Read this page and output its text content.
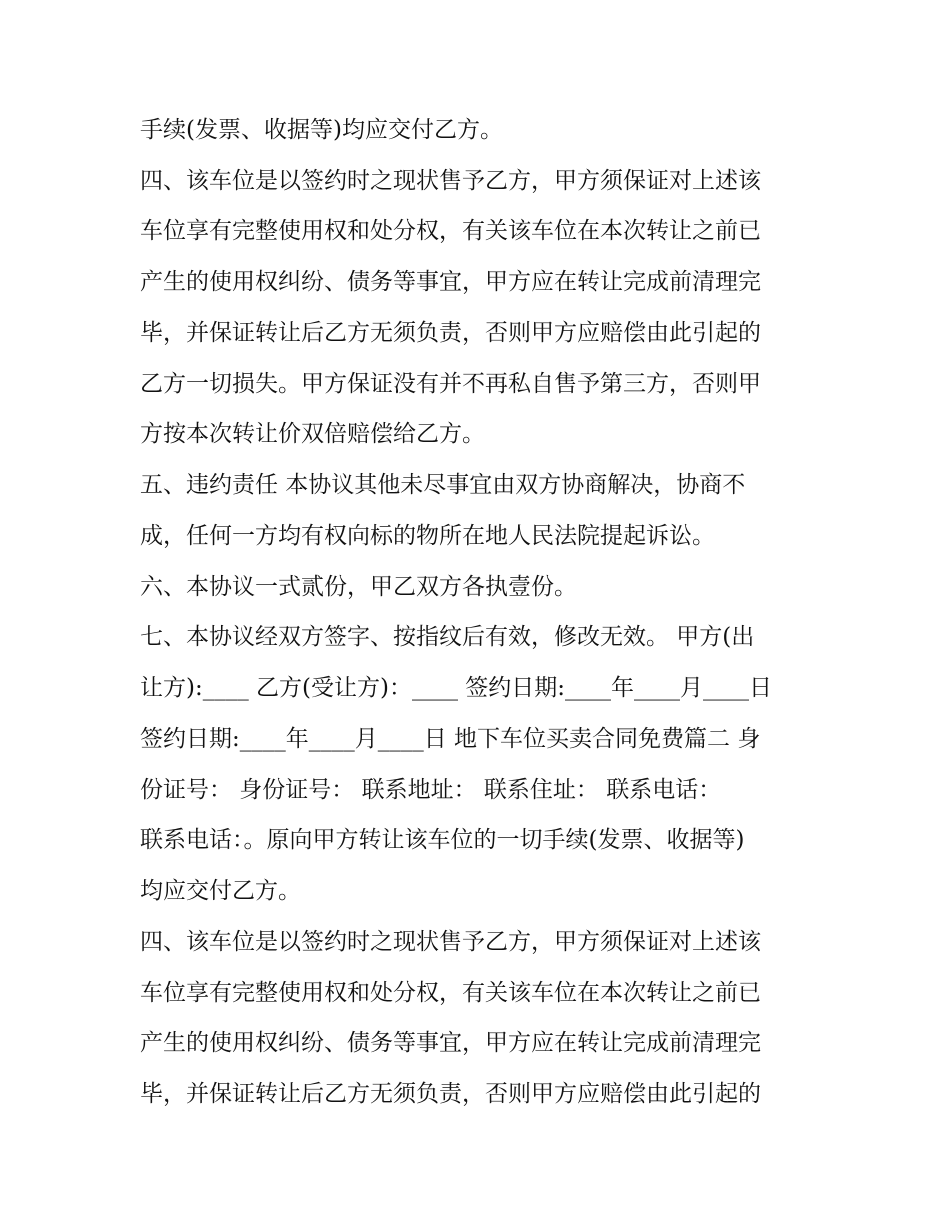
手续(发票、收据等)均应交付乙方。
四、该车位是以签约时之现状售予乙方，甲方须保证对上述该
车位享有完整使用权和处分权，有关该车位在本次转让之前已
产生的使用权纠纷、债务等事宜，甲方应在转让完成前清理完
毕，并保证转让后乙方无须负责，否则甲方应赔偿由此引起的
乙方一切损失。甲方保证没有并不再私自售予第三方，否则甲
方按本次转让价双倍赔偿给乙方。
五、违约责任 本协议其他未尽事宜由双方协商解决，协商不
成，任何一方均有权向标的物所在地人民法院提起诉讼。
六、本协议一式贰份，甲乙双方各执壹份。
七、本协议经双方签字、按指纹后有效，修改无效。 甲方(出
让方):____ 乙方(受让方)：____ 签约日期:____年____月____日
签约日期:____年____月____日 地下车位买卖合同免费篇二 身
份证号： 身份证号： 联系地址： 联系住址： 联系电话：
联系电话：。原向甲方转让该车位的一切手续(发票、收据等)
均应交付乙方。
四、该车位是以签约时之现状售予乙方，甲方须保证对上述该
车位享有完整使用权和处分权，有关该车位在本次转让之前已
产生的使用权纠纷、债务等事宜，甲方应在转让完成前清理完
毕，并保证转让后乙方无须负责，否则甲方应赔偿由此引起的
